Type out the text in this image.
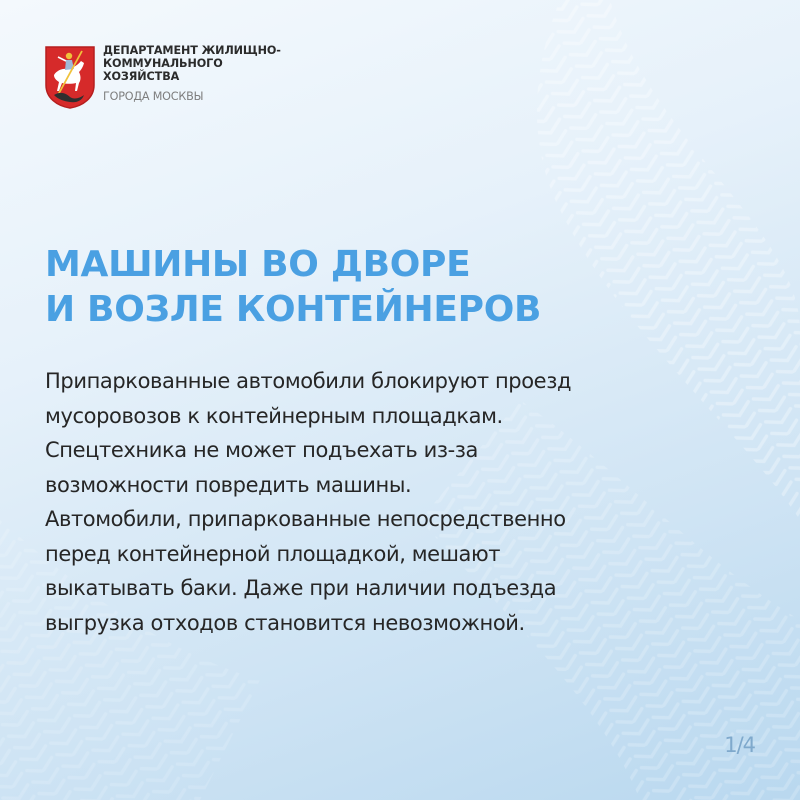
ДЕПАРТАМЕНТ ЖИЛИЩНО-
КОММУНАЛЬНОГО
ХОЗЯЙСТВА
ГОРОДА МОСКВЫ
МАШИНЫ ВО ДВОРЕ
И ВОЗЛЕ КОНТЕЙНЕРОВ

Припаркованные автомобили блокируют проезд
мусоровозов к контейнерным площадкам.
Спецтехника не может подъехать из-за
возможности повредить машины.
Автомобили, припаркованные непосредственно
перед контейнерной площадкой, мешают
выкатывать баки. Даже при наличии подъезда
выгрузка отходов становится невозможной.

1/4
